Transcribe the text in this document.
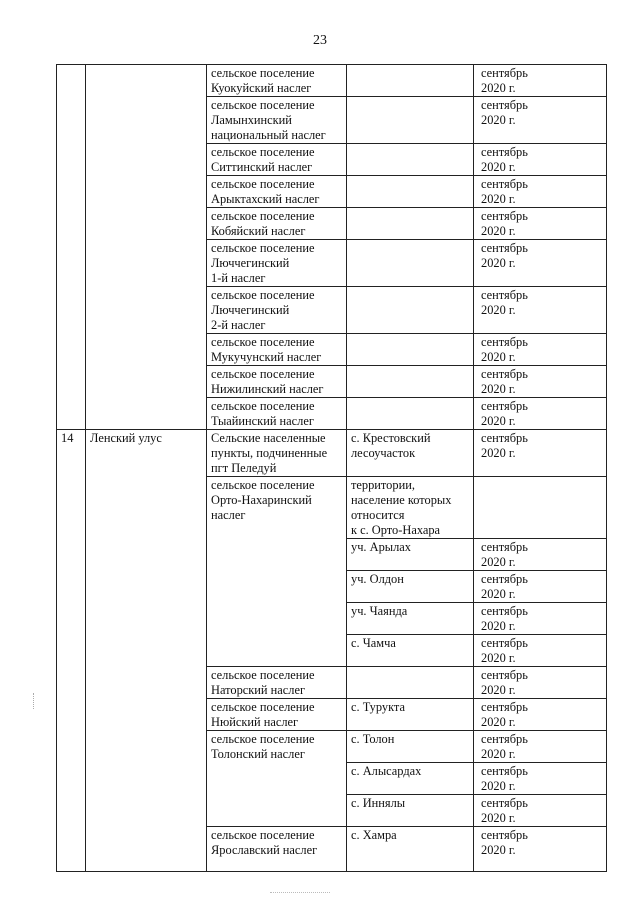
23
		сельское поселение
Куокуйский наслег		сентябрь
2020 г.
		сельское поселение
Ламынхинский
национальный наслег		сентябрь
2020 г.
		сельское поселение
Ситтинский наслег		сентябрь
2020 г.
		сельское поселение
Арыктахский наслег		сентябрь
2020 г.
		сельское поселение
Кобяйский наслег		сентябрь
2020 г.
		сельское поселение
Люччегинский
1-й наслег		сентябрь
2020 г.
		сельское поселение
Люччегинский
2-й наслег		сентябрь
2020 г.
		сельское поселение
Мукучунский наслег		сентябрь
2020 г.
		сельское поселение
Нижилинский наслег		сентябрь
2020 г.
		сельское поселение
Тыайинский наслег		сентябрь
2020 г.
14	Ленский улус	Сельские населенные
пункты, подчиненные
пгт Пеледуй	с. Крестовский
лесоучасток	сентябрь
2020 г.
		сельское поселение
Орто-Нахаринский
наслег	территории,
население которых
относится
к с. Орто-Нахара	
			уч. Арылах	сентябрь
2020 г.
			уч. Олдон	сентябрь
2020 г.
			уч. Чаянда	сентябрь
2020 г.
			с. Чамча	сентябрь
2020 г.
		сельское поселение
Наторский наслег		сентябрь
2020 г.
		сельское поселение
Нюйский наслег	с. Турукта	сентябрь
2020 г.
		сельское поселение
Толонский наслег	с. Толон	сентябрь
2020 г.
			с. Алысардах	сентябрь
2020 г.
			с. Иннялы	сентябрь
2020 г.
		сельское поселение
Ярославский наслег	с. Хамра	сентябрь
2020 г.
